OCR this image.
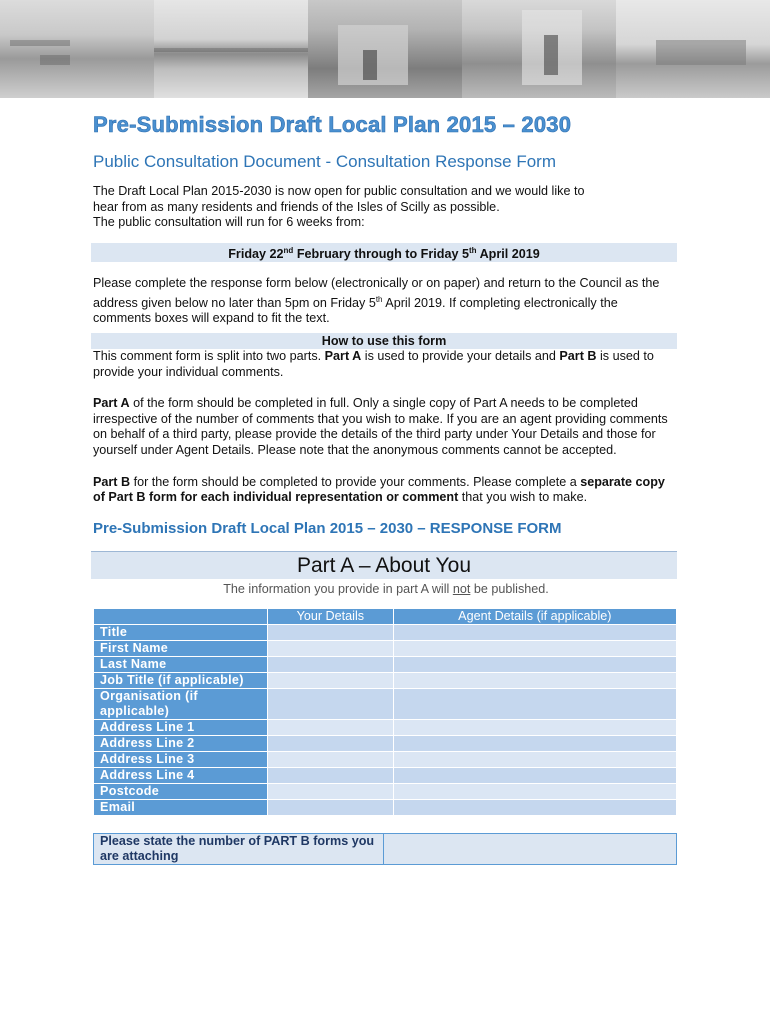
Pre-Submission Draft Local Plan 2015 – 2030
Public Consultation Document - Consultation Response Form

The Draft Local Plan 2015-2030 is now open for public consultation and we would like to

hear from as many residents and friends of the Isles of Scilly as possible.

The public consultation will run for 6 weeks from:

Friday 22nd February through to Friday 5th April 2019

Please complete the response form below (electronically or on paper) and return to the Council as the address given below no later than 5pm on Friday 5th April 2019. If completing electronically the comments boxes will expand to fit the text.

How to use this form

This comment form is split into two parts. Part A is used to provide your details and Part B is used to provide your individual comments.

Part A of the form should be completed in full. Only a single copy of Part A needs to be completed irrespective of the number of comments that you wish to make. If you are an agent providing comments on behalf of a third party, please provide the details of the third party under Your Details and those for yourself under Agent Details. Please note that the anonymous comments cannot be accepted.

Part B for the form should be completed to provide your comments. Please complete a separate copy of Part B form for each individual representation or comment that you wish to make.

Pre-Submission Draft Local Plan 2015 – 2030 – RESPONSE FORM
Part A – About You
The information you provide in part A will not be published.
	Your Details	Agent Details (if applicable)
Title		
First Name		
Last Name		
Job Title (if applicable)		
Organisation (if applicable)		
Address Line 1		
Address Line 2		
Address Line 3		
Address Line 4		
Postcode		
Email		
Please state the number of PART B forms you are attaching	
